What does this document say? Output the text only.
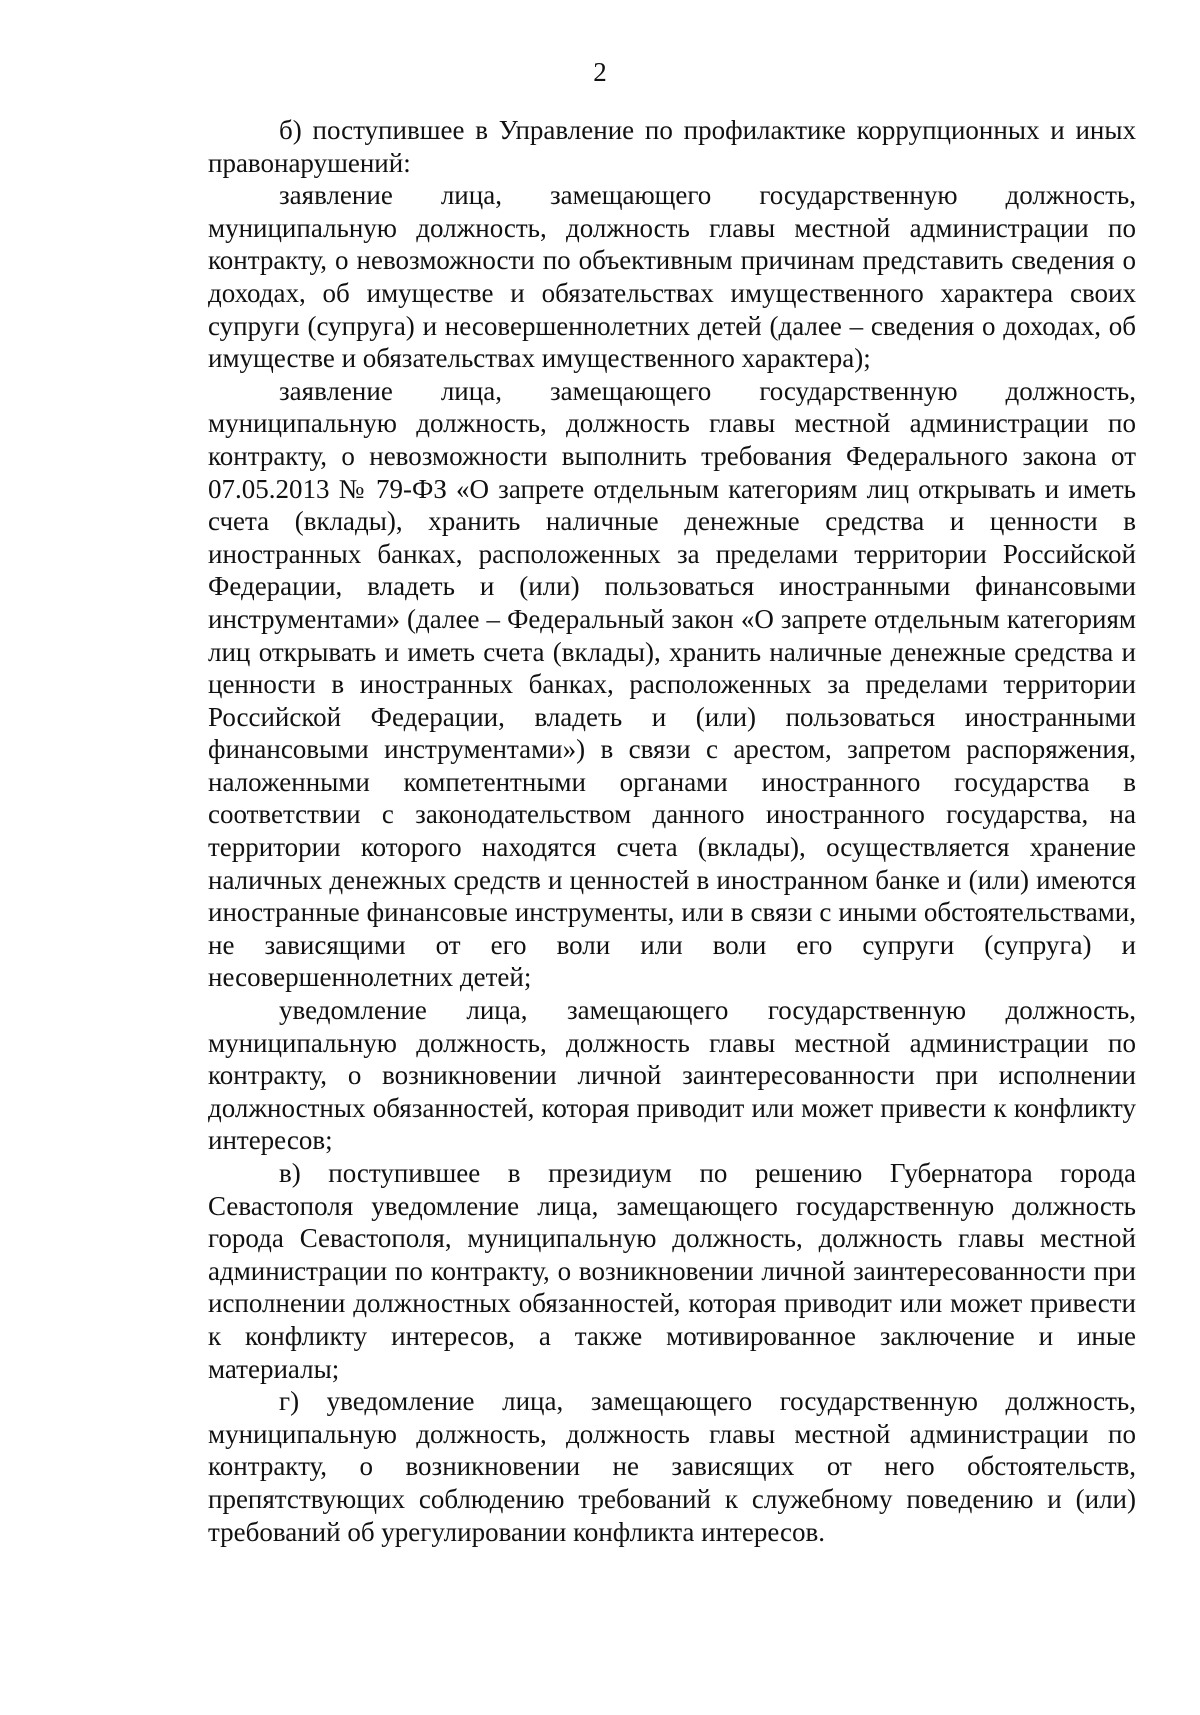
2

б) поступившее в Управление по профилактике коррупционных и иных правонарушений:

заявление лица, замещающего государственную должность, муниципальную должность, должность главы местной администрации по контракту, о невозможности по объективным причинам представить сведения о доходах, об имуществе и обязательствах имущественного характера своих супруги (супруга) и несовершеннолетних детей (далее – сведения о доходах, об имуществе и обязательствах имущественного характера);

заявление лица, замещающего государственную должность, муниципальную должность, должность главы местной администрации по контракту, о невозможности выполнить требования Федерального закона от 07.05.2013 № 79-ФЗ «О запрете отдельным категориям лиц открывать и иметь счета (вклады), хранить наличные денежные средства и ценности в иностранных банках, расположенных за пределами территории Российской Федерации, владеть и (или) пользоваться иностранными финансовыми инструментами» (далее – Федеральный закон «О запрете отдельным категориям лиц открывать и иметь счета (вклады), хранить наличные денежные средства и ценности в иностранных банках, расположенных за пределами территории Российской Федерации, владеть и (или) пользоваться иностранными финансовыми инструментами») в связи с арестом, запретом распоряжения, наложенными компетентными органами иностранного государства в соответствии с законодательством данного иностранного государства, на территории которого находятся счета (вклады), осуществляется хранение наличных денежных средств и ценностей в иностранном банке и (или) имеются иностранные финансовые инструменты, или в связи с иными обстоятельствами, не зависящими от его воли или воли его супруги (супруга) и несовершеннолетних детей;

уведомление лица, замещающего государственную должность, муниципальную должность, должность главы местной администрации по контракту, о возникновении личной заинтересованности при исполнении должностных обязанностей, которая приводит или может привести к конфликту интересов;

в) поступившее в президиум по решению Губернатора города Севастополя уведомление лица, замещающего государственную должность города Севастополя, муниципальную должность, должность главы местной администрации по контракту, о возникновении личной заинтересованности при исполнении должностных обязанностей, которая приводит или может привести к конфликту интересов, а также мотивированное заключение и иные материалы;

г) уведомление лица, замещающего государственную должность, муниципальную должность, должность главы местной администрации по контракту, о возникновении не зависящих от него обстоятельств, препятствующих соблюдению требований к служебному поведению и (или) требований об урегулировании конфликта интересов.
